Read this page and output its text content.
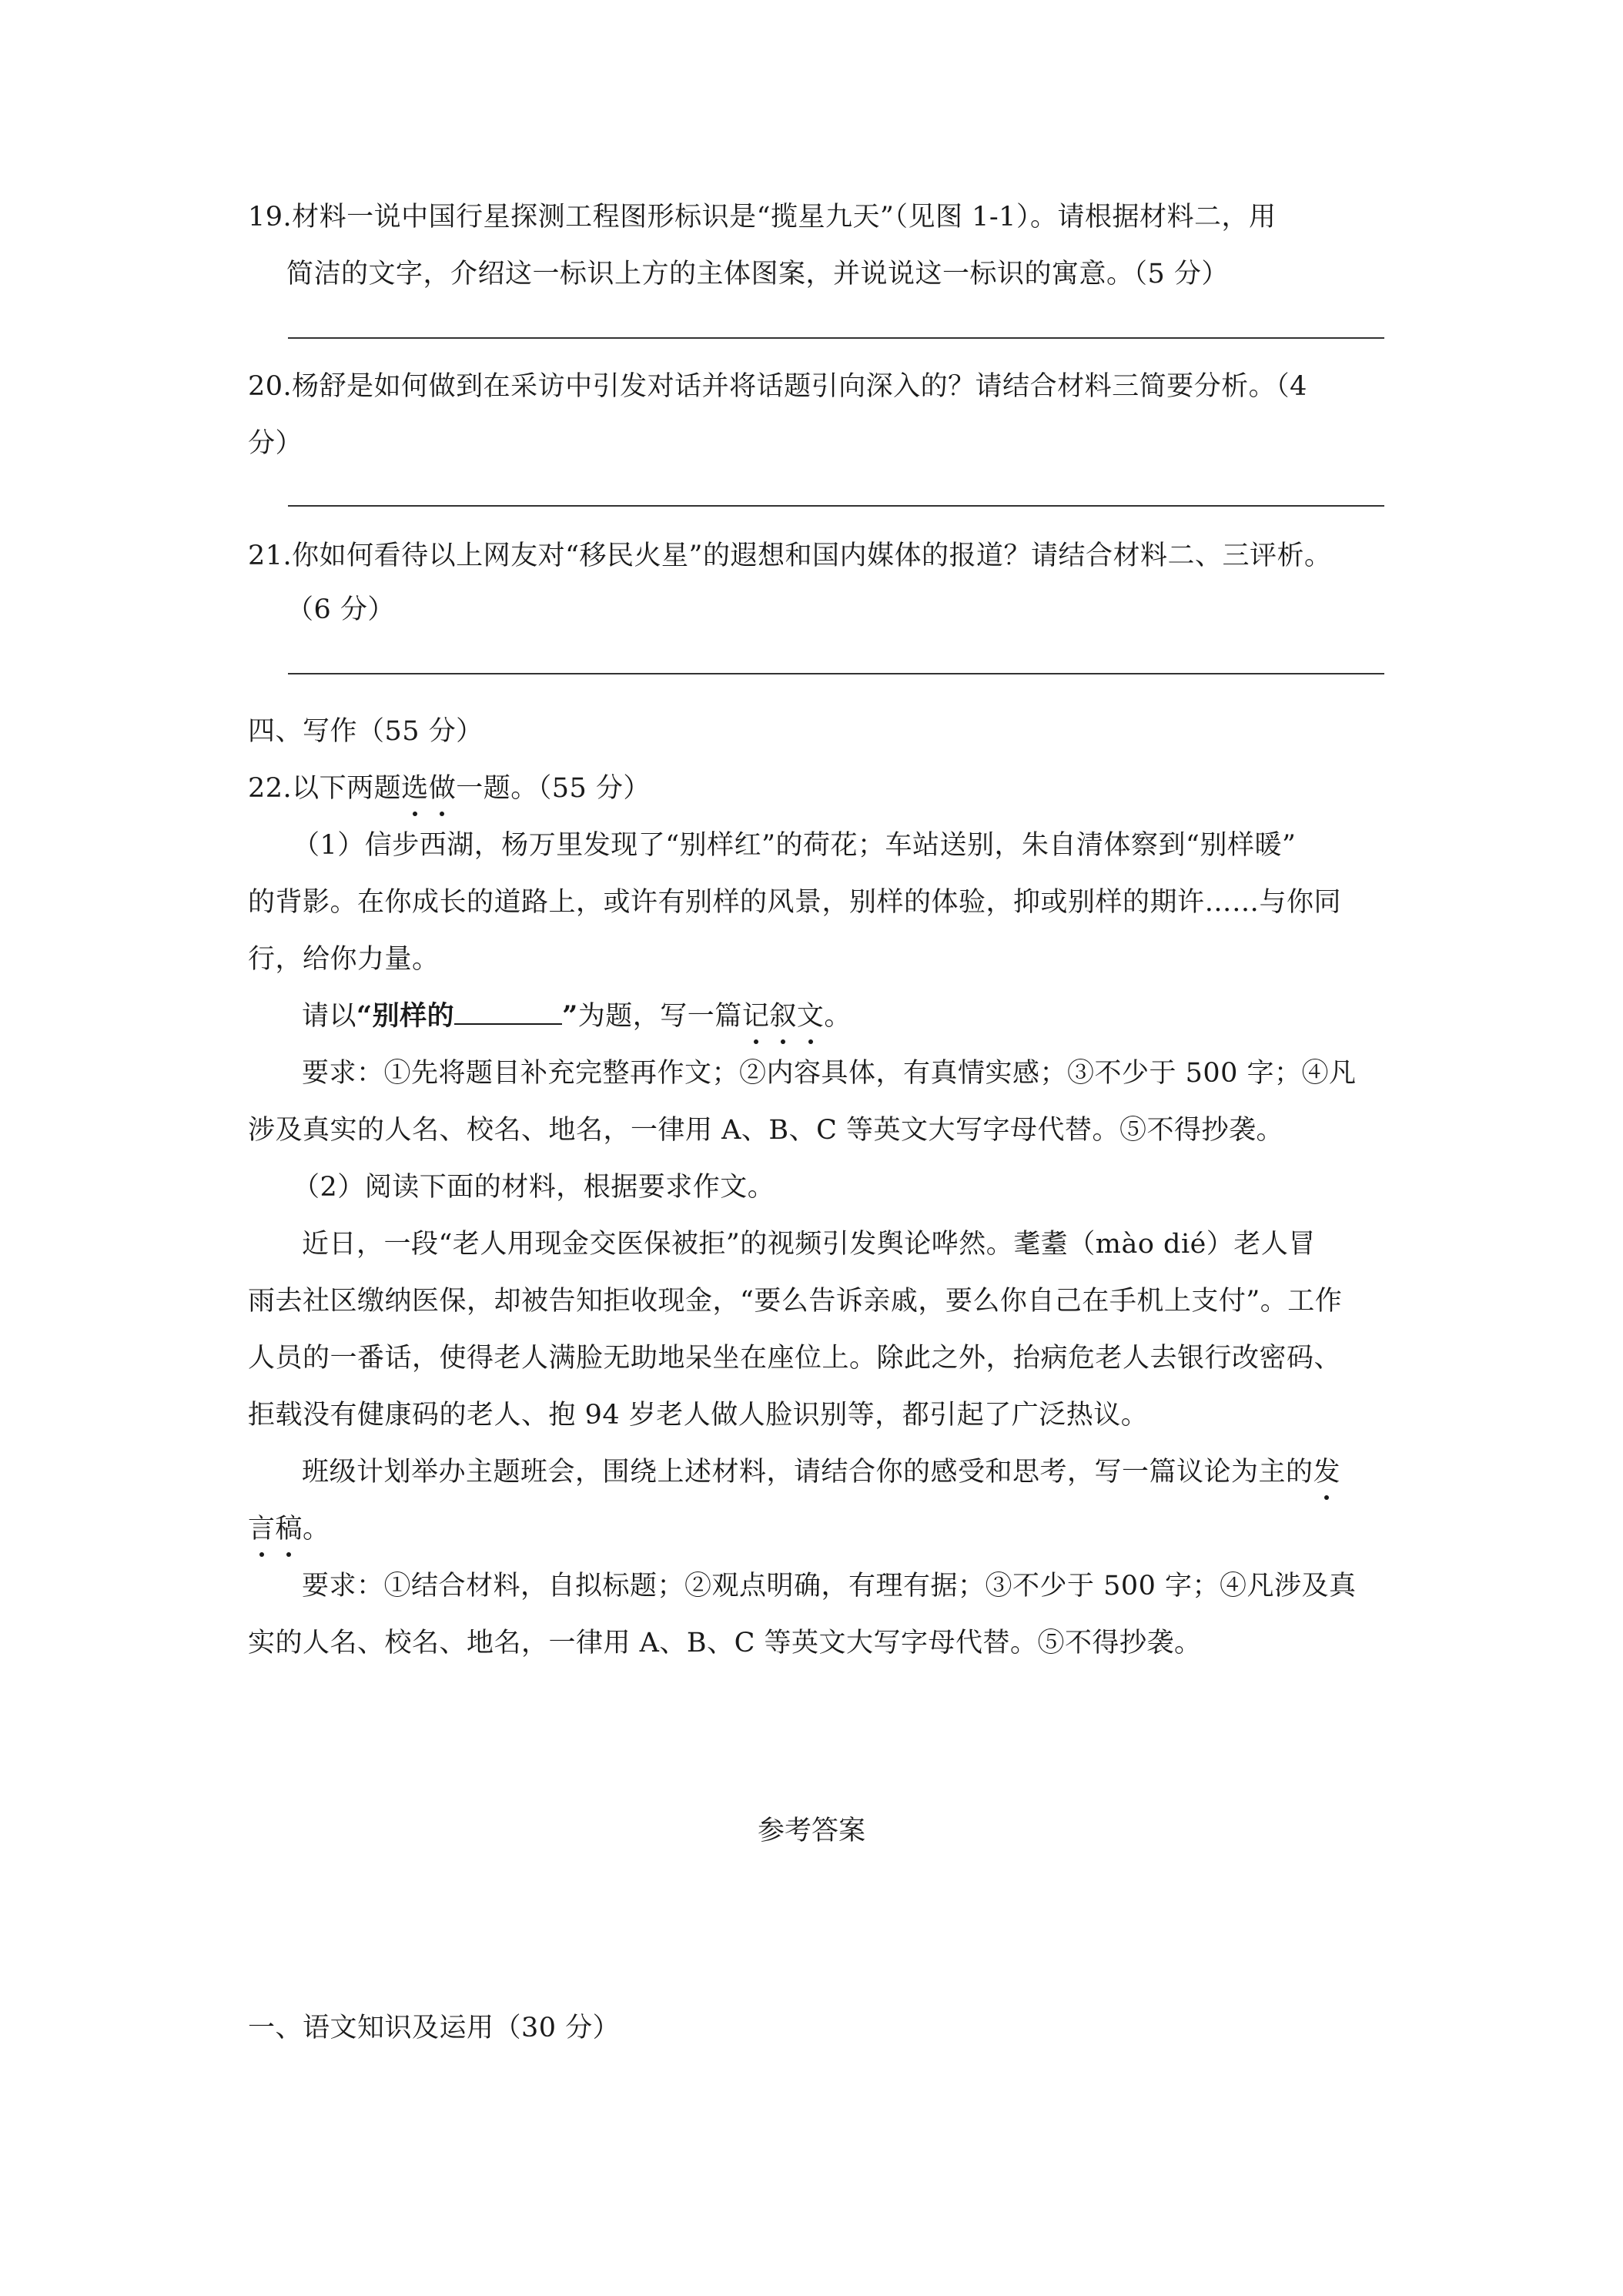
19.材料一说中国行星探测工程图形标识是“揽星九天”（见图 1-1）。请根据材料二，用
简洁的文字，介绍这一标识上方的主体图案，并说说这一标识的寓意。（5 分）
20.杨舒是如何做到在采访中引发对话并将话题引向深入的？请结合材料三简要分析。（4
分）
21.你如何看待以上网友对“移民火星”的遐想和国内媒体的报道？请结合材料二、三评析。
（6 分）
四、写作（55 分）
22.以下两题选做一题。（55 分）
（1）信步西湖，杨万里发现了“别样红”的荷花；车站送别，朱自清体察到“别样暖”
的背影。在你成长的道路上，或许有别样的风景，别样的体验，抑或别样的期许……与你同
行，给你力量。
请以“别样的	”为题，写一篇记叙文。
要求：①先将题目补充完整再作文；②内容具体，有真情实感；③不少于 500 字；④凡
涉及真实的人名、校名、地名，一律用 A、B、C 等英文大写字母代替。⑤不得抄袭。
（2）阅读下面的材料，根据要求作文。
近日，一段“老人用现金交医保被拒”的视频引发舆论哗然。耄耋（mào dié）老人冒
雨去社区缴纳医保，却被告知拒收现金，“要么告诉亲戚，要么你自己在手机上支付”。工作
人员的一番话，使得老人满脸无助地呆坐在座位上。除此之外，抬病危老人去银行改密码、
拒载没有健康码的老人、抱 94 岁老人做人脸识别等，都引起了广泛热议。
班级计划举办主题班会，围绕上述材料，请结合你的感受和思考，写一篇议论为主的发
言稿。
要求：①结合材料，自拟标题；②观点明确，有理有据；③不少于 500 字；④凡涉及真
实的人名、校名、地名，一律用 A、B、C 等英文大写字母代替。⑤不得抄袭。
参考答案
一、语文知识及运用（30 分）
